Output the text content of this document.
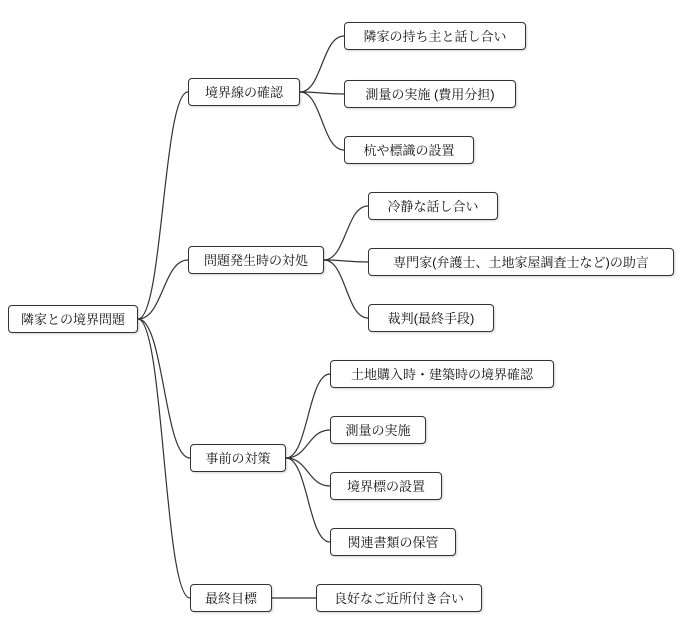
隣家との境界問題
境界線の確認
隣家の持ち主と話し合い
測量の実施 (費用分担)
杭や標識の設置
問題発生時の対処
冷静な話し合い
専門家(弁護士、土地家屋調査士など)の助言
裁判(最終手段)
事前の対策
土地購入時・建築時の境界確認
測量の実施
境界標の設置
関連書類の保管
最終目標	良好なご近所付き合い
